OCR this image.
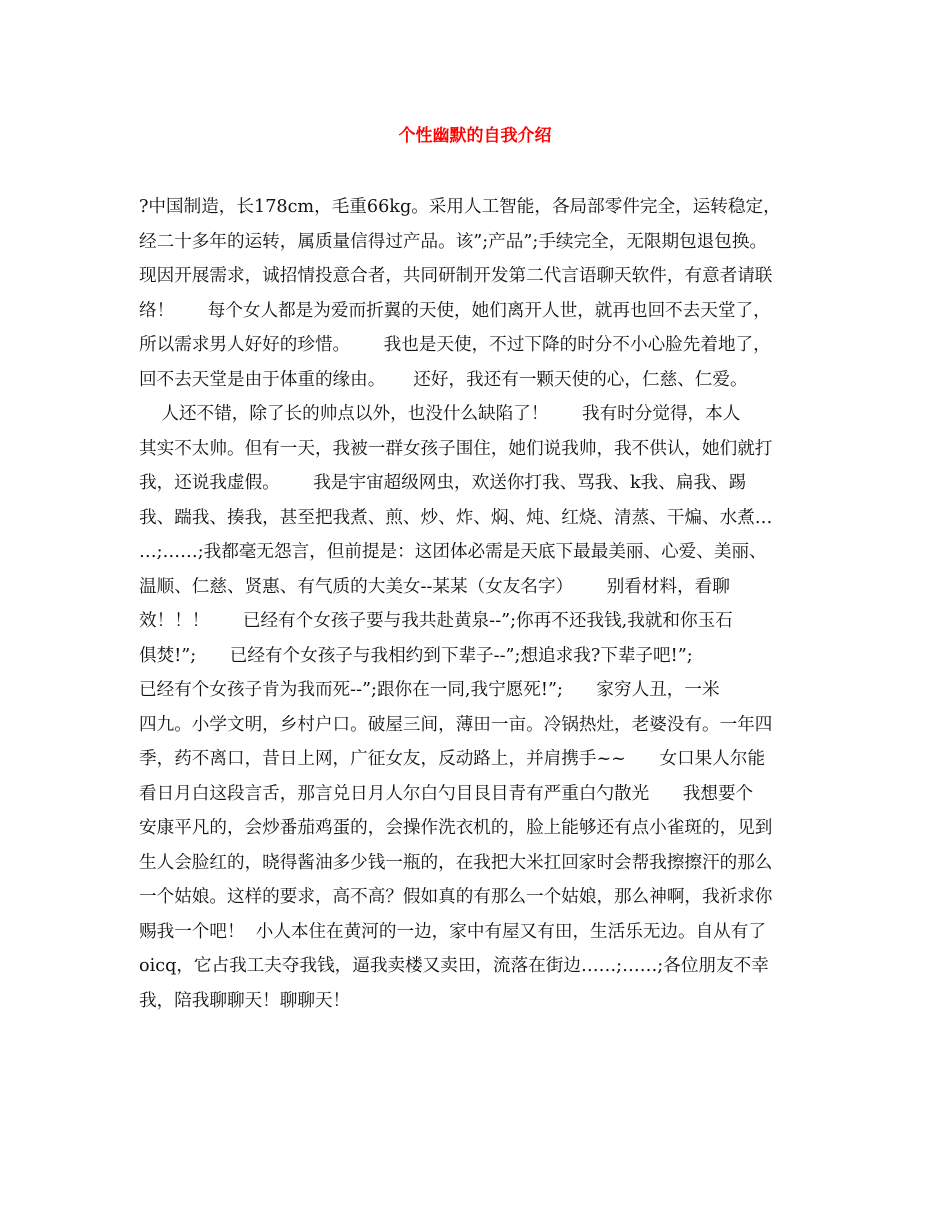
个性幽默的自我介绍
?中国制造，长178cm，毛重66kg。采用人工智能，各局部零件完全，运转稳定，
经二十多年的运转，属质量信得过产品。该”;产品”;手续完全，无限期包退包换。
现因开展需求，诚招情投意合者，共同研制开发第二代言语聊天软件，有意者请联
络！      每个女人都是为爱而折翼的天使，她们离开人世，就再也回不去天堂了，
所以需求男人好好的珍惜。      我也是天使，不过下降的时分不小心脸先着地了，
回不去天堂是由于体重的缘由。     还好，我还有一颗天使的心，仁慈、仁爱。
人还不错，除了长的帅点以外，也没什么缺陷了！      我有时分觉得，本人
其实不太帅。但有一天，我被一群女孩子围住，她们说我帅，我不供认，她们就打
我，还说我虚假。      我是宇宙超级网虫，欢送你打我、骂我、k我、扁我、踢
我、踹我、揍我，甚至把我煮、煎、炒、炸、焖、炖、红烧、清蒸、干煸、水煮…
…;……;我都毫无怨言，但前提是：这团体必需是天底下最最美丽、心爱、美丽、
温顺、仁慈、贤惠、有气质的大美女--某某（女友名字）      别看材料，看聊
效！！！      已经有个女孩子要与我共赴黄泉--”;你再不还我钱,我就和你玉石
俱焚!”;      已经有个女孩子与我相约到下辈子--”;想追求我?下辈子吧!”;
已经有个女孩子肯为我而死--”;跟你在一同,我宁愿死!”;      家穷人丑，一米
四九。小学文明，乡村户口。破屋三间，薄田一亩。冷锅热灶，老婆没有。一年四
季，药不离口，昔日上网，广征女友，反动路上，并肩携手~~      女口果人尔能
看日月白这段言舌，那言兑日月人尔白勺目艮目青有严重白勺散光      我想要个
安康平凡的，会炒番茄鸡蛋的，会操作洗衣机的，脸上能够还有点小雀斑的，见到
生人会脸红的，晓得酱油多少钱一瓶的，在我把大米扛回家时会帮我擦擦汗的那么
一个姑娘。这样的要求，高不高？假如真的有那么一个姑娘，那么神啊，我祈求你
赐我一个吧！  小人本住在黄河的一边，家中有屋又有田，生活乐无边。自从有了
oicq，它占我工夫夺我钱，逼我卖楼又卖田，流落在街边……;……;各位朋友不幸
我，陪我聊聊天！聊聊天！
